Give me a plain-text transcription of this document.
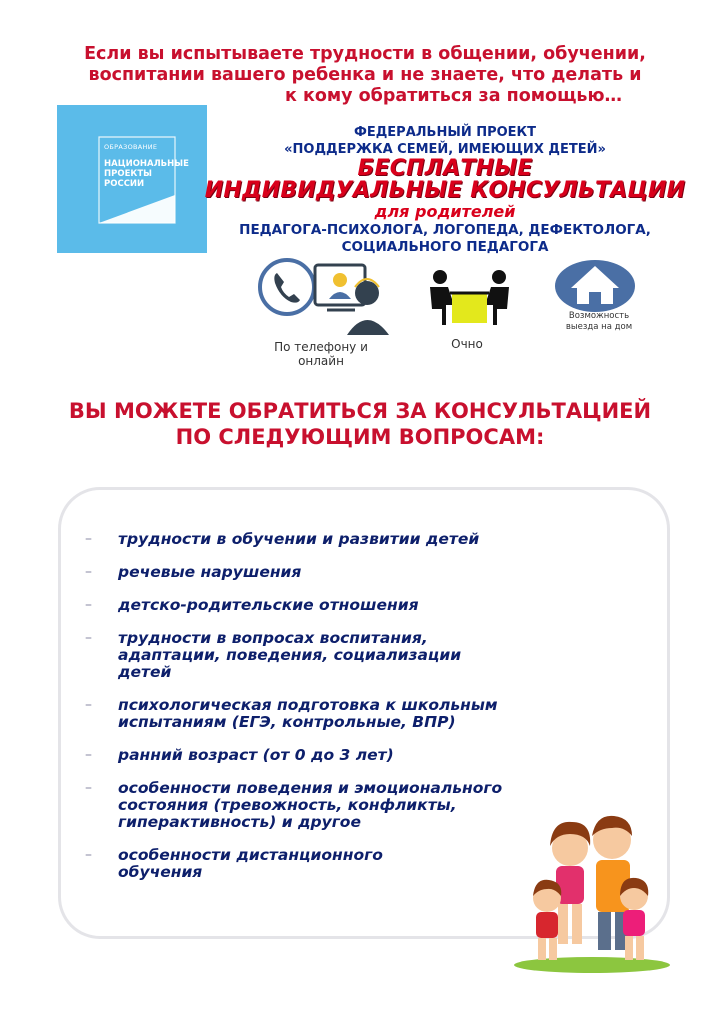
Если вы испытываете трудности в общении, обучении,
воспитании вашего ребенка и не знаете, что делать и
к кому обратиться за помощью…
ОБРАЗОВАНИЕ
НАЦИОНАЛЬНЫЕ
ПРОЕКТЫ
РОССИИ
ФЕДЕРАЛЬНЫЙ ПРОЕКТ
«ПОДДЕРЖКА СЕМЕЙ, ИМЕЮЩИХ ДЕТЕЙ»
БЕСПЛАТНЫЕ
ИНДИВИДУАЛЬНЫЕ КОНСУЛЬТАЦИИ
для родителей
ПЕДАГОГА-ПСИХОЛОГА, ЛОГОПЕДА, ДЕФЕКТОЛОГА,
СОЦИАЛЬНОГО ПЕДАГОГА
По телефону и
онлайн
Очно
Возможность
выезда на дом
ВЫ МОЖЕТЕ ОБРАТИТЬСЯ ЗА КОНСУЛЬТАЦИЕЙ
ПО СЛЕДУЮЩИМ ВОПРОСАМ:
– трудности в обучении и развитии детей
– речевые нарушения
– детско-родительские отношения
– трудности в вопросах воспитания,
адаптации, поведения, социализации
детей
– психологическая подготовка к школьным
испытаниям (ЕГЭ, контрольные, ВПР)
– ранний возраст (от 0 до 3 лет)
– особенности поведения и эмоционального
состояния (тревожность, конфликты,
гиперактивность) и другое
– особенности дистанционного
обучения
